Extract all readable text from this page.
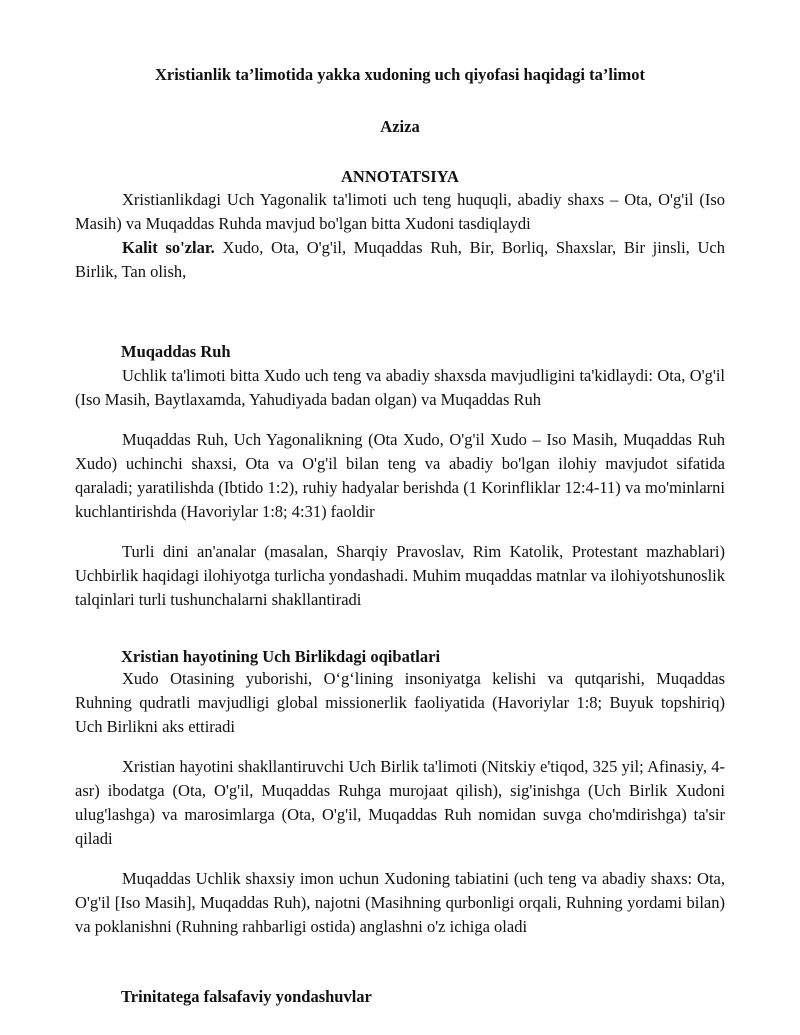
Xristianlik ta’limotida yakka xudoning uch qiyofasi haqidagi ta’limot
Aziza
ANNOTATSIYA

Xristianlikdagi Uch Yagonalik ta'limoti uch teng huquqli, abadiy shaxs – Ota, O'g'il (Iso Masih) va Muqaddas Ruhda mavjud bo'lgan bitta Xudoni tasdiqlaydi

Kalit so'zlar. Xudo, Ota, O'g'il, Muqaddas Ruh, Bir, Borliq, Shaxslar, Bir jinsli, Uch Birlik, Tan olish,

Muqaddas Ruh

Uchlik ta'limoti bitta Xudo uch teng va abadiy shaxsda mavjudligini ta'kidlaydi: Ota, O'g'il (Iso Masih, Baytlaxamda, Yahudiyada badan olgan) va Muqaddas Ruh

Muqaddas Ruh, Uch Yagonalikning (Ota Xudo, O'g'il Xudo – Iso Masih, Muqaddas Ruh Xudo) uchinchi shaxsi, Ota va O'g'il bilan teng va abadiy bo'lgan ilohiy mavjudot sifatida qaraladi; yaratilishda (Ibtido 1:2), ruhiy hadyalar berishda (1 Korinfliklar 12:4-11) va mo'minlarni kuchlantirishda (Havoriylar 1:8; 4:31) faoldir

Turli dini an'analar (masalan, Sharqiy Pravoslav, Rim Katolik, Protestant mazhablari) Uchbirlik haqidagi ilohiyotga turlicha yondashadi. Muhim muqaddas matnlar va ilohiyotshunoslik talqinlari turli tushunchalarni shakllantiradi

Xristian hayotining Uch Birlikdagi oqibatlari

Xudo Otasining yuborishi, O‘g‘lining insoniyatga kelishi va qutqarishi, Muqaddas Ruhning qudratli mavjudligi global missionerlik faoliyatida (Havoriylar 1:8; Buyuk topshiriq) Uch Birlikni aks ettiradi

Xristian hayotini shakllantiruvchi Uch Birlik ta'limoti (Nitskiy e'tiqod, 325 yil; Afinasiy, 4-asr) ibodatga (Ota, O'g'il, Muqaddas Ruhga murojaat qilish), sig'inishga (Uch Birlik Xudoni ulug'lashga) va marosimlarga (Ota, O'g'il, Muqaddas Ruh nomidan suvga cho'mdirishga) ta'sir qiladi

Muqaddas Uchlik shaxsiy imon uchun Xudoning tabiatini (uch teng va abadiy shaxs: Ota, O'g'il [Iso Masih], Muqaddas Ruh), najotni (Masihning qurbonligi orqali, Ruhning yordami bilan) va poklanishni (Ruhning rahbarligi ostida) anglashni o'z ichiga oladi

Trinitatega falsafaviy yondashuvlar
